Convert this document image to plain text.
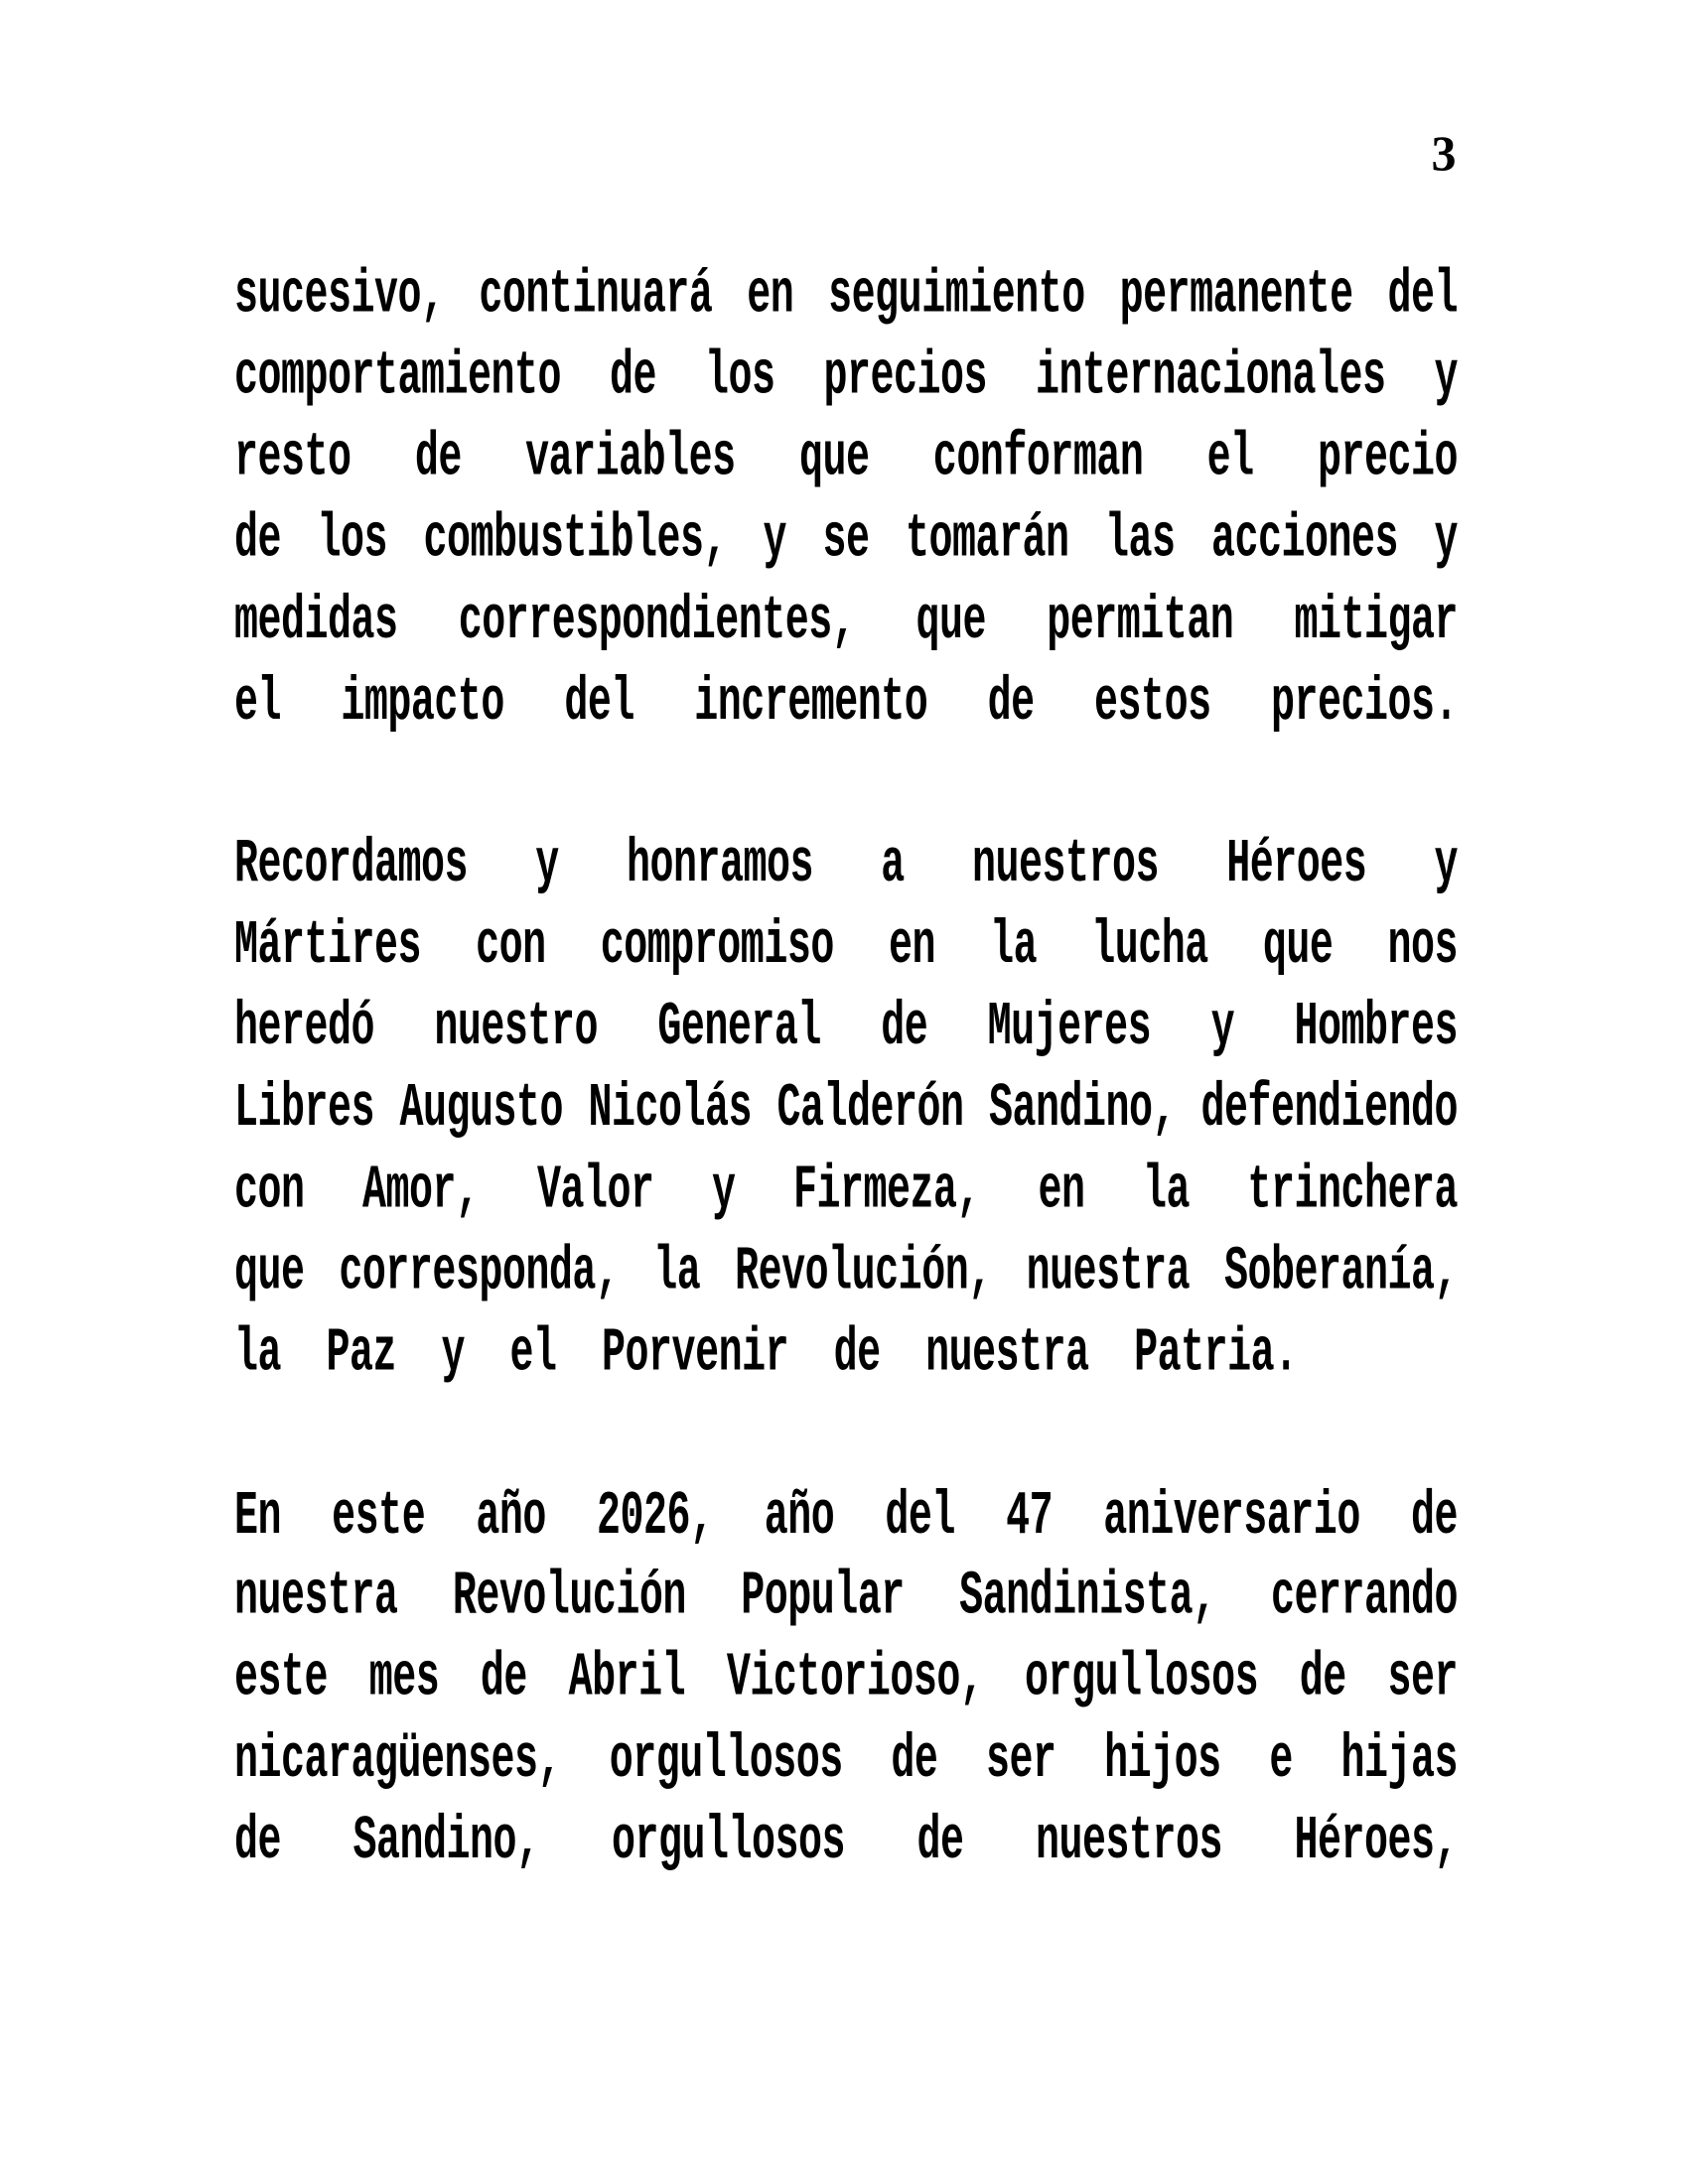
3
sucesivo, continuará en seguimiento permanente del
comportamiento de los precios internacionales y
resto de variables que conforman el precio
de los combustibles, y se tomarán las acciones y
medidas correspondientes, que permitan mitigar
el impacto del incremento de estos precios.
Recordamos y honramos a nuestros Héroes y
Mártires con compromiso en la lucha que nos
heredó nuestro General de Mujeres y Hombres
Libres Augusto Nicolás Calderón Sandino, defendiendo
con Amor, Valor y Firmeza, en la trinchera
que corresponda, la Revolución, nuestra Soberanía,
la Paz y el Porvenir de nuestra Patria.
En este año 2026, año del 47 aniversario de
nuestra Revolución Popular Sandinista, cerrando
este mes de Abril Victorioso, orgullosos de ser
nicaragüenses, orgullosos de ser hijos e hijas
de Sandino, orgullosos de nuestros Héroes,
